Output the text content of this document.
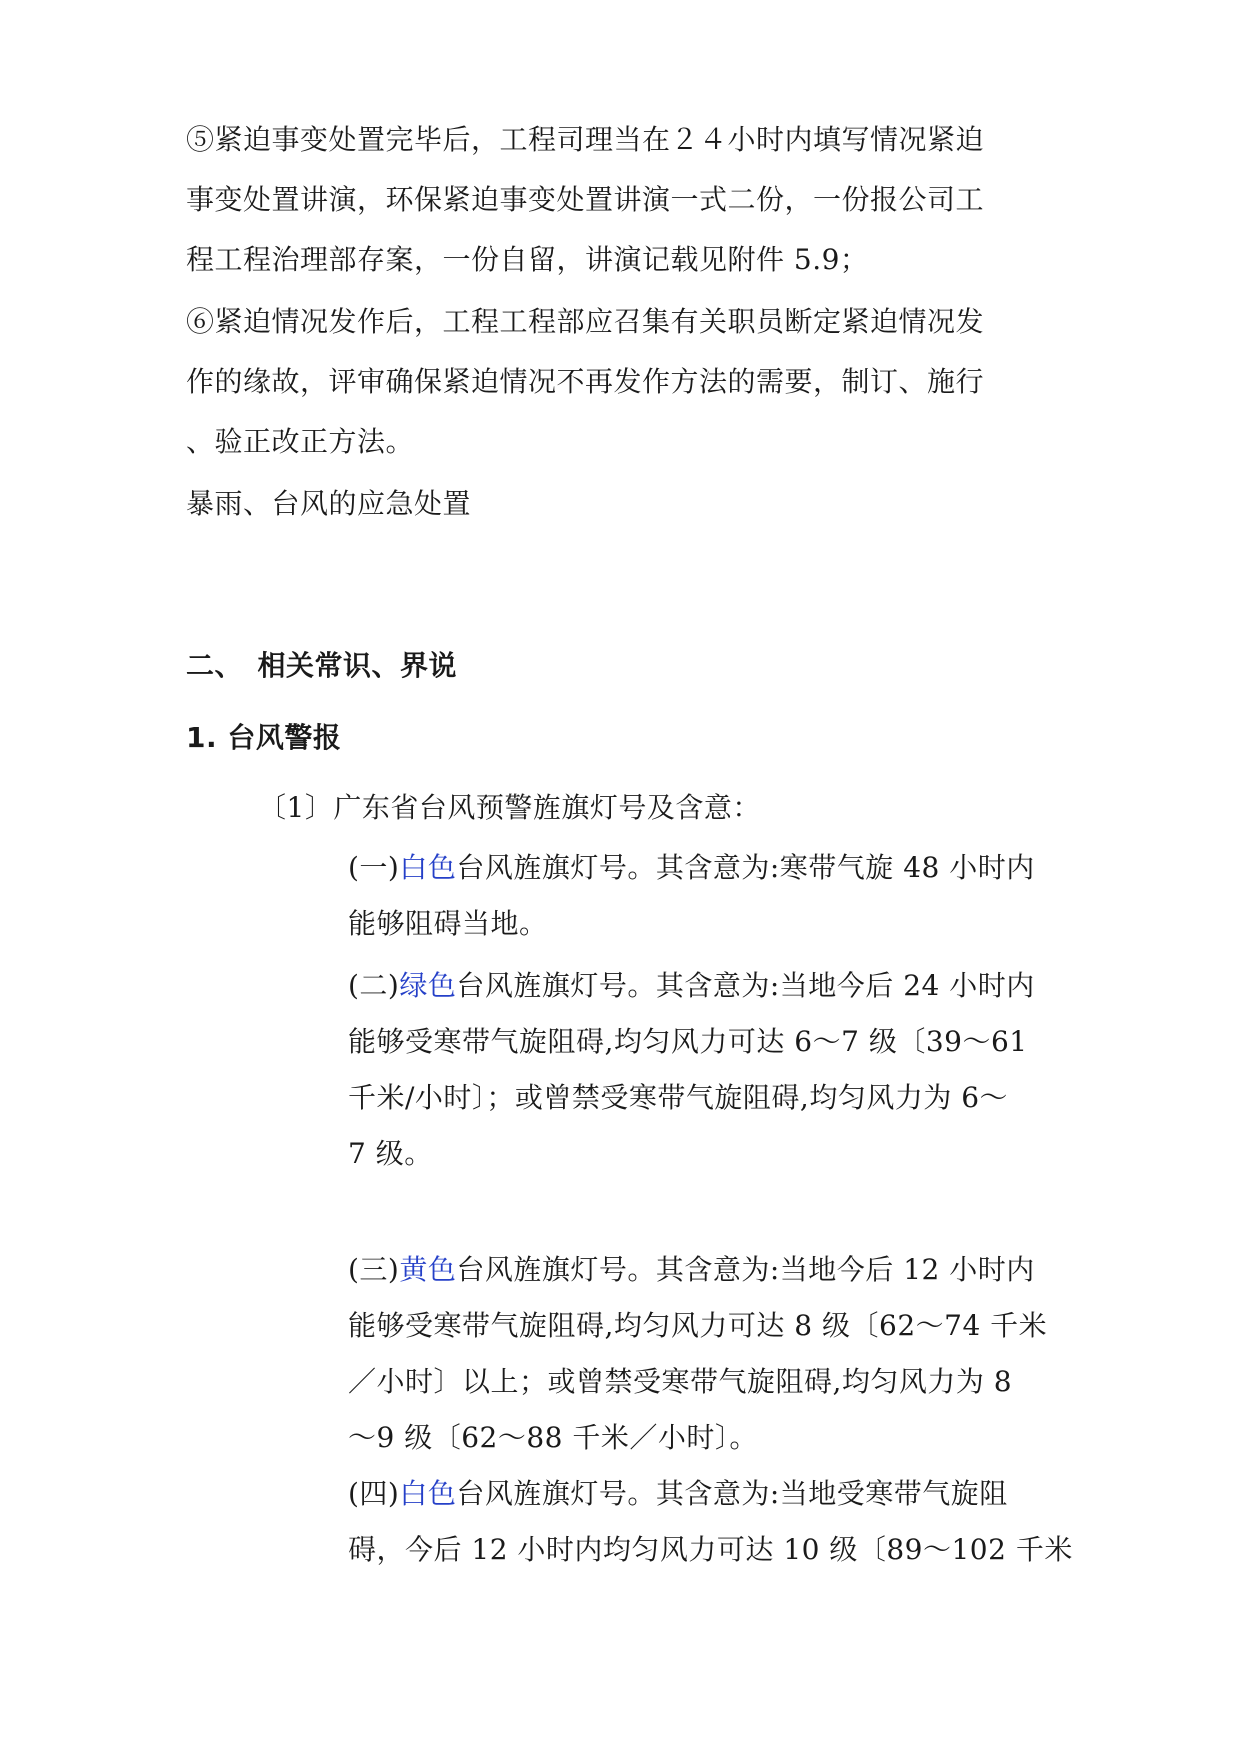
⑤紧迫事变处置完毕后，工程司理当在２４小时内填写情况紧迫
事变处置讲演，环保紧迫事变处置讲演一式二份，一份报公司工
程工程治理部存案，一份自留，讲演记载见附件 5.9；
⑥紧迫情况发作后，工程工程部应召集有关职员断定紧迫情况发
作的缘故，评审确保紧迫情况不再发作方法的需要，制订、施行
、验正改正方法。
暴雨、台风的应急处置
二、　相关常识、界说
1. 台风警报
〔1〕广东省台风预警旌旗灯号及含意：
(一)白色台风旌旗灯号。其含意为:寒带气旋 48 小时内
能够阻碍当地。
(二)绿色台风旌旗灯号。其含意为:当地今后 24 小时内
能够受寒带气旋阻碍,均匀风力可达 6～7 级〔39～61
千米/小时〕；或曾禁受寒带气旋阻碍,均匀风力为 6～
7 级。
(三)黄色台风旌旗灯号。其含意为:当地今后 12 小时内
能够受寒带气旋阻碍,均匀风力可达 8 级〔62～74 千米
／小时〕以上；或曾禁受寒带气旋阻碍,均匀风力为 8
～9 级〔62～88 千米／小时〕。
(四)白色台风旌旗灯号。其含意为:当地受寒带气旋阻
碍，今后 12 小时内均匀风力可达 10 级〔89～102 千米
